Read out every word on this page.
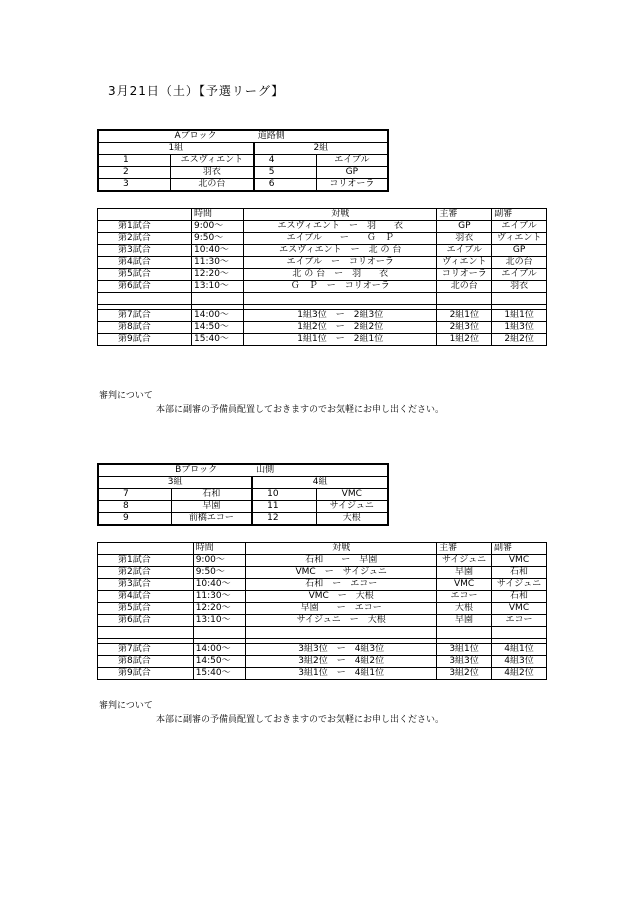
3月21日（土）【予選リーグ】
	Aブロック	道路側	
1組		2組	
1	エスヴィエント	4	エイブル
2	羽衣	5	GP
3	北の台	6	コリオーラ
	時間	対戦	主審	副審
第1試合	9:00～	エスヴィエント　ー　羽　　衣	GP	エイブル
第2試合	9:50～	エイブル　　ー　　Ｇ　Ｐ	羽衣	ヴィエント
第3試合	10:40～	エスヴィエント　ー　北 の 台	エイブル	GP
第4試合	11:30～	エイブル　ー　コリオーラ	ヴィエント	北の台
第5試合	12:20～	北 の 台　ー　羽　　衣	コリオーラ	エイブル
第6試合	13:10～	Ｇ　Ｐ　ー　コリオーラ	北の台	羽衣

第7試合	14:00～	1組3位　ー　2組3位	2組1位	1組1位
第8試合	14:50～	1組2位　ー　2組2位	2組3位	1組3位
第9試合	15:40～	1組1位　ー　2組1位	1組2位	2組2位
審判について
本部に副審の予備員配置しておきますのでお気軽にお申し出ください。
	Bブロック	山側	
3組		4組	
7	石和	10	VMC
8	早園	11	サイジュニ
9	前橋エコー	12	大根
	時間	対戦	主審	副審
第1試合	9:00～	石和　　ー　早園	サイジュニ	VMC
第2試合	9:50～	VMC　ー　サイジュニ	早園	石和
第3試合	10:40～	石和　ー　エコー	VMC	サイジュニ
第4試合	11:30～	VMC　ー　大根	エコー	石和
第5試合	12:20～	早園　　ー　エコー	大根	VMC
第6試合	13:10～	サイジュニ　ー　大根	早園	エコー

第7試合	14:00～	3組3位　ー　4組3位	3組1位	4組1位
第8試合	14:50～	3組2位　ー　4組2位	3組3位	4組3位
第9試合	15:40～	3組1位　ー　4組1位	3組2位	4組2位
審判について
本部に副審の予備員配置しておきますのでお気軽にお申し出ください。
